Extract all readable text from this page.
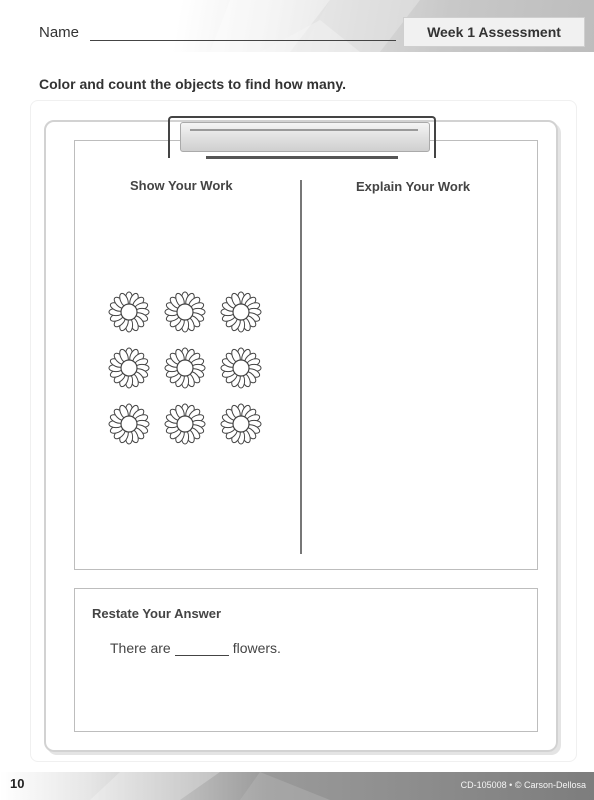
Name	Week 1 Assessment
Color and count the objects to find how many.
Show Your Work	Explain Your Work
Restate Your Answer
There are	flowers.
10	CD-105008 • © Carson-Dellosa
